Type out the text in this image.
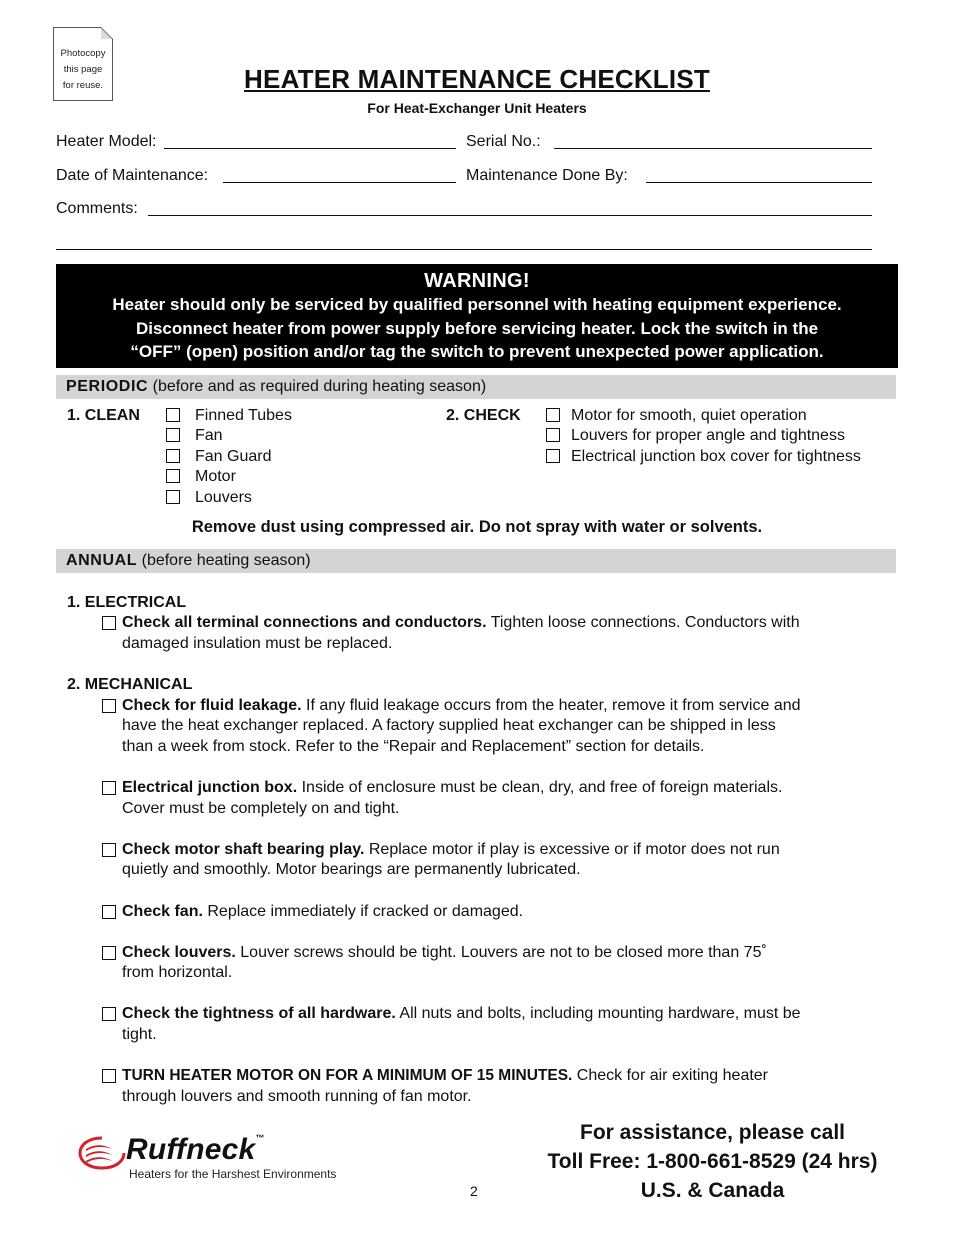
Photocopy
this page
for reuse.	HEATER MAINTENANCE CHECKLIST
For Heat-Exchanger Unit Heaters
Heater Model:	Serial No.:
Date of Maintenance:	Maintenance Done By:
Comments:
WARNING!
Heater should only be serviced by qualified personnel with heating equipment experience.
Disconnect heater from power supply before servicing heater. Lock the switch in the
“OFF” (open) position and/or tag the switch to prevent unexpected power application.
PERIODIC (before and as required during heating season)
1. CLEAN	Finned Tubes
Fan
Fan Guard
Motor
Louvers
2. CHECK	Motor for smooth, quiet operation
Louvers for proper angle and tightness
Electrical junction box cover for tightness
Remove dust using compressed air. Do not spray with water or solvents.
ANNUAL (before heating season)
1. ELECTRICAL
Check all terminal connections and conductors. Tighten loose connections. Conductors with
damaged insulation must be replaced.
2. MECHANICAL
Check for fluid leakage. If any fluid leakage occurs from the heater, remove it from service and
have the heat exchanger replaced. A factory supplied heat exchanger can be shipped in less
than a week from stock. Refer to the “Repair and Replacement” section for details.
Electrical junction box. Inside of enclosure must be clean, dry, and free of foreign materials.
Cover must be completely on and tight.
Check motor shaft bearing play. Replace motor if play is excessive or if motor does not run
quietly and smoothly. Motor bearings are permanently lubricated.
Check fan. Replace immediately if cracked or damaged.
Check louvers. Louver screws should be tight. Louvers are not to be closed more than 75˚
from horizontal.
Check the tightness of all hardware. All nuts and bolts, including mounting hardware, must be
tight.
TURN HEATER MOTOR ON FOR A MINIMUM OF 15 MINUTES. Check for air exiting heater
through louvers and smooth running of fan motor.
Ruffneck™
Heaters for the Harshest Environments
2
For assistance, please call
Toll Free: 1-800-661-8529 (24 hrs)
U.S. & Canada
